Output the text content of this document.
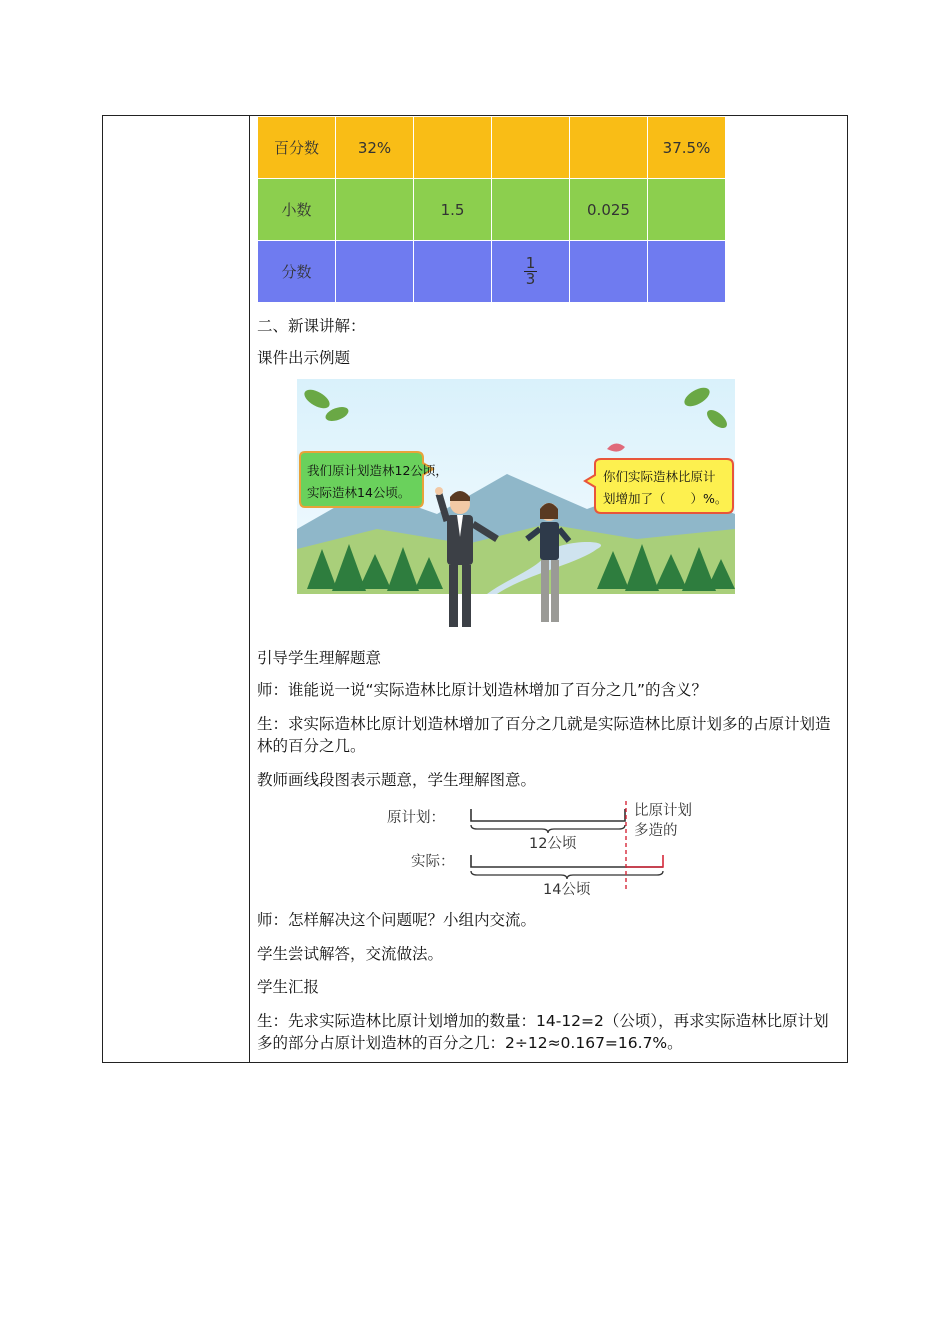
百分数	32%				37.5%
小数		1.5		0.025	
分数			$\frac{1}{3}$

二、新课讲解：
课件出示例题
我们原计划造林12公顷，
实际造林14公顷。
你们实际造林比原计
划增加了（　　）%。
引导学生理解题意
师：谁能说一说“实际造林比原计划造林增加了百分之几”的含义？
生：求实际造林比原计划造林增加了百分之几就是实际造林比原计划多的占原计划造林的百分之几。
教师画线段图表示题意，学生理解图意。
原计划：
实际：
12公顷
14公顷
比原计划
多造的
师：怎样解决这个问题呢？小组内交流。
学生尝试解答，交流做法。
学生汇报
生：先求实际造林比原计划增加的数量：14-12=2（公顷），再求实际造林比原计划多的部分占原计划造林的百分之几：2÷12≈0.167=16.7%。
